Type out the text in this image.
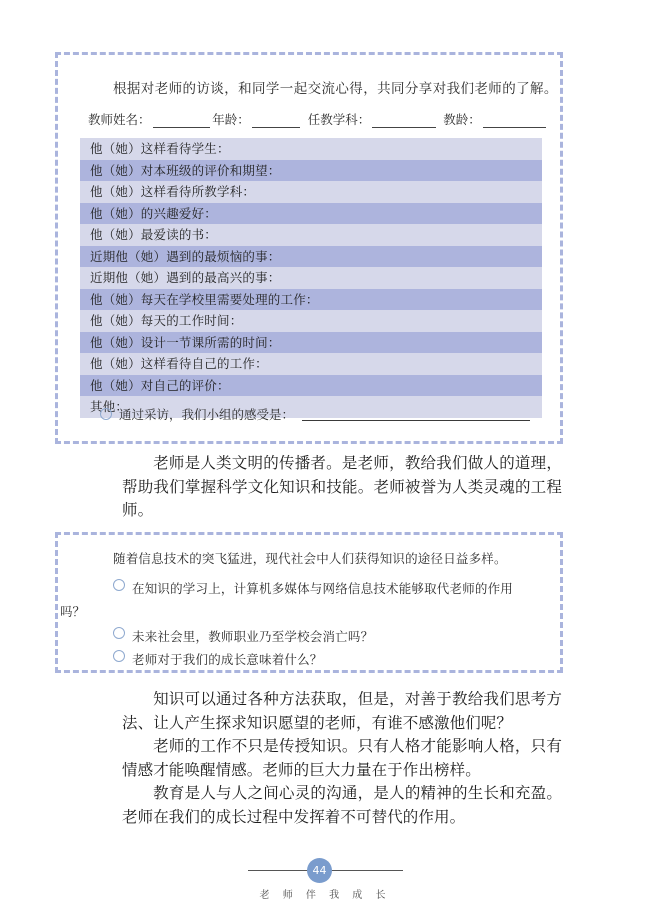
根据对老师的访谈，和同学一起交流心得，共同分享对我们老师的了解。
教师姓名：	年龄：	任教学科：	教龄：
他（她）这样看待学生：
他（她）对本班级的评价和期望：
他（她）这样看待所教学科：
他（她）的兴趣爱好：
他（她）最爱读的书：
近期他（她）遇到的最烦恼的事：
近期他（她）遇到的最高兴的事：
他（她）每天在学校里需要处理的工作：
他（她）每天的工作时间：
他（她）设计一节课所需的时间：
他（她）这样看待自己的工作：
他（她）对自己的评价：
其他：
通过采访，我们小组的感受是：
老师是人类文明的传播者。是老师，教给我们做人的道理，帮助我们掌握科学文化知识和技能。老师被誉为人类灵魂的工程师。
随着信息技术的突飞猛进，现代社会中人们获得知识的途径日益多样。
在知识的学习上，计算机多媒体与网络信息技术能够取代老师的作用
吗？
未来社会里，教师职业乃至学校会消亡吗？
老师对于我们的成长意味着什么？
知识可以通过各种方法获取，但是，对善于教给我们思考方法、让人产生探求知识愿望的老师，有谁不感激他们呢？
老师的工作不只是传授知识。只有人格才能影响人格，只有情感才能唤醒情感。老师的巨大力量在于作出榜样。
教育是人与人之间心灵的沟通，是人的精神的生长和充盈。老师在我们的成长过程中发挥着不可替代的作用。
44
老 师 伴 我 成 长
